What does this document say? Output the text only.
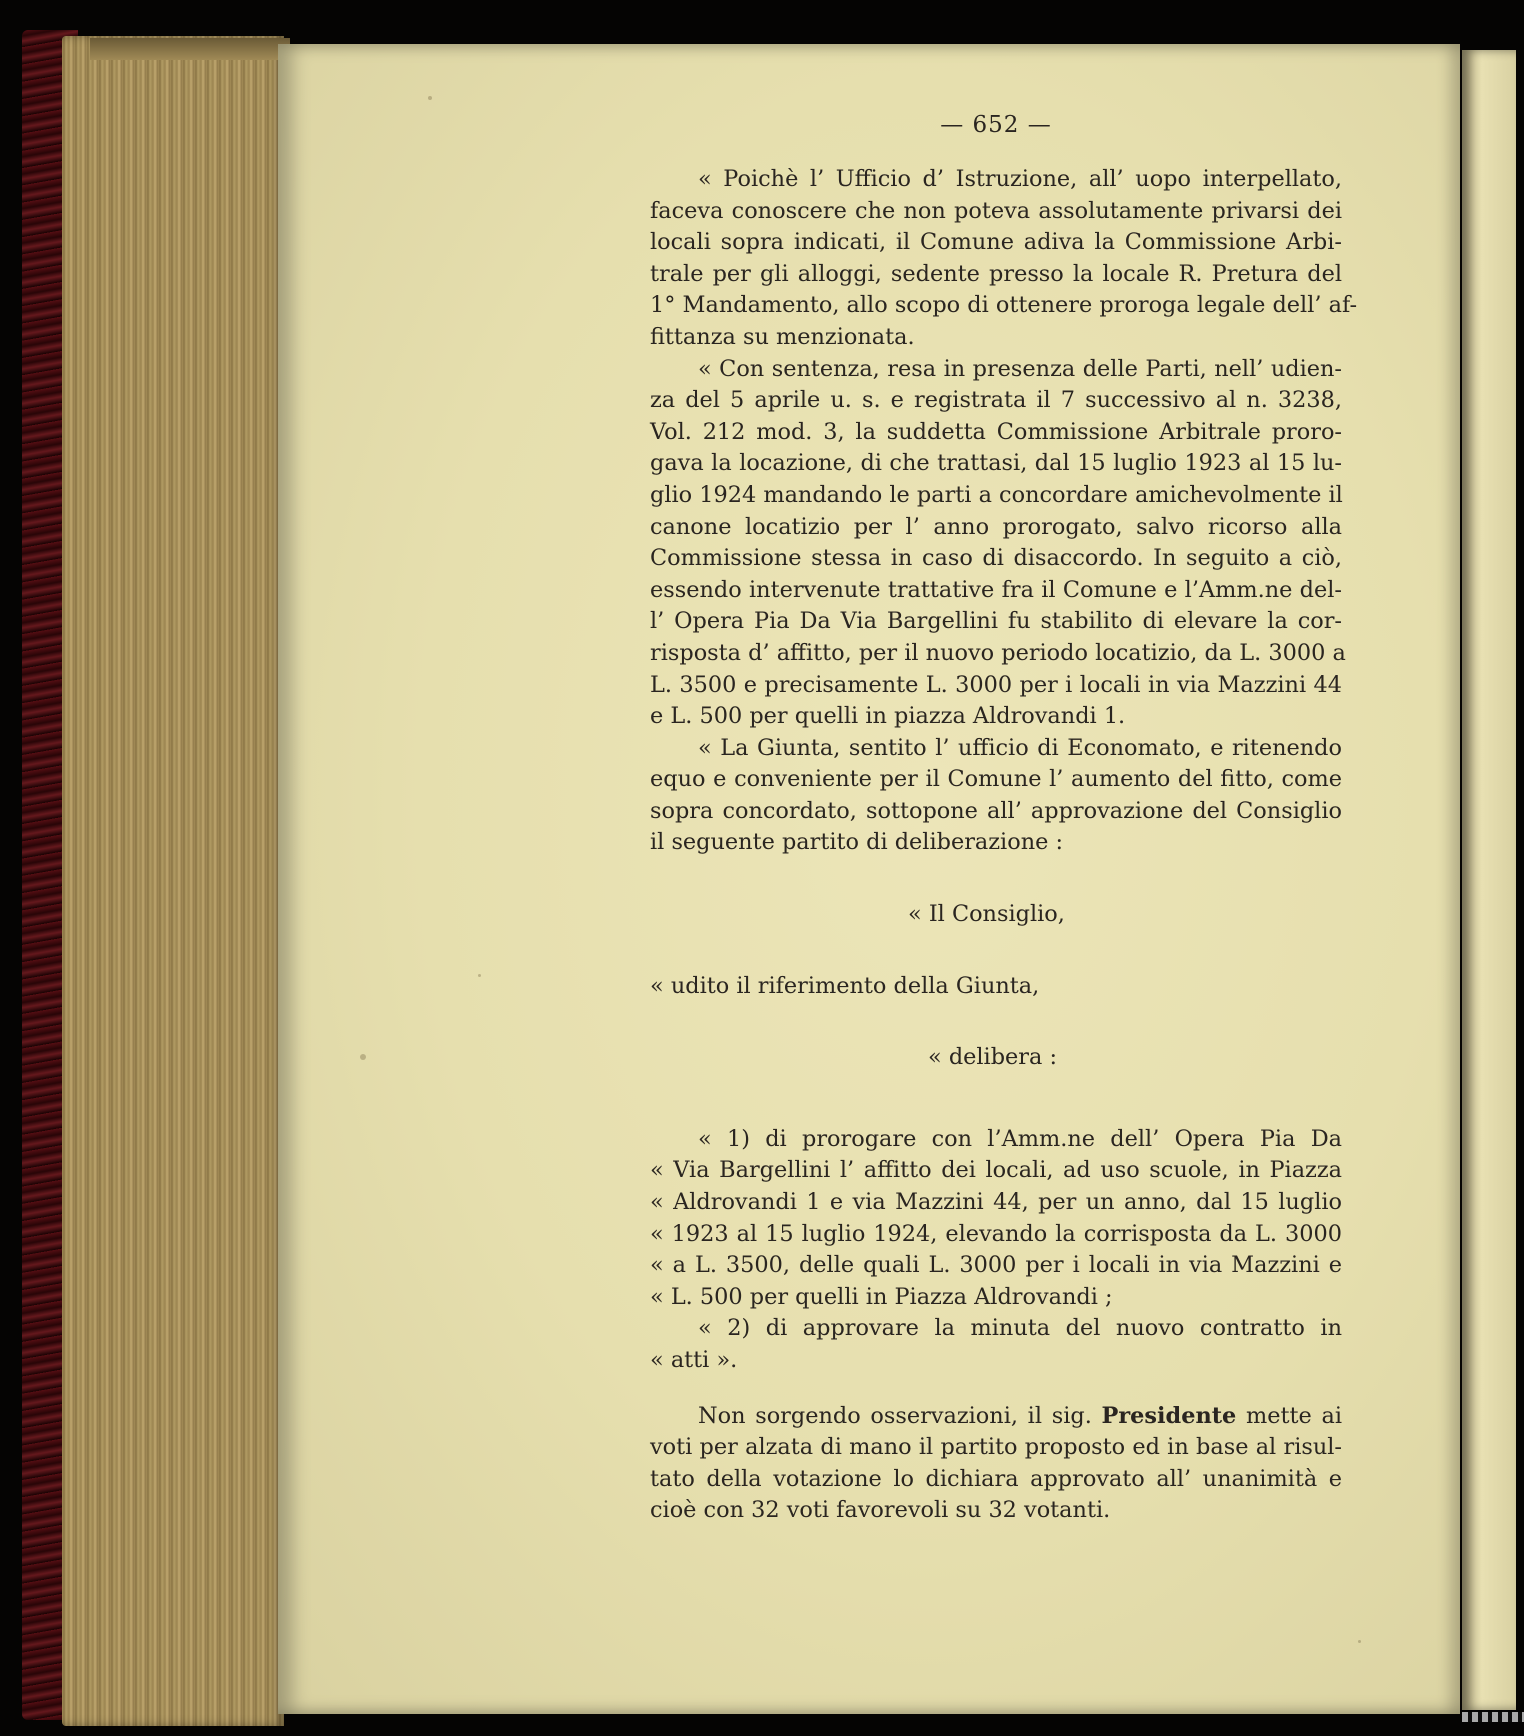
— 652 —
« Poichè l’ Ufficio d’ Istruzione, all’ uopo interpellato,
faceva conoscere che non poteva assolutamente privarsi dei
locali sopra indicati, il Comune adiva la Commissione Arbi-
trale per gli alloggi, sedente presso la locale R. Pretura del
1° Mandamento, allo scopo di ottenere proroga legale dell’ af-
fittanza su menzionata.
« Con sentenza, resa in presenza delle Parti, nell’ udien-
za del 5 aprile u. s. e registrata il 7 successivo al n. 3238,
Vol. 212 mod. 3, la suddetta Commissione Arbitrale proro-
gava la locazione, di che trattasi, dal 15 luglio 1923 al 15 lu-
glio 1924 mandando le parti a concordare amichevolmente il
canone locatizio per l’ anno prorogato, salvo ricorso alla
Commissione stessa in caso di disaccordo. In seguito a ciò,
essendo intervenute trattative fra il Comune e l’Amm.ne del-
l’ Opera Pia Da Via Bargellini fu stabilito di elevare la cor-
risposta d’ affitto, per il nuovo periodo locatizio, da L. 3000 a
L. 3500 e precisamente L. 3000 per i locali in via Mazzini 44
e L. 500 per quelli in piazza Aldrovandi 1.
« La Giunta, sentito l’ ufficio di Economato, e ritenendo
equo e conveniente per il Comune l’ aumento del fitto, come
sopra concordato, sottopone all’ approvazione del Consiglio
il seguente partito di deliberazione :
« Il Consiglio,
« udito il riferimento della Giunta,
« delibera :
« 1) di prorogare con l’Amm.ne dell’ Opera Pia Da
« Via Bargellini l’ affitto dei locali, ad uso scuole, in Piazza
« Aldrovandi 1 e via Mazzini 44, per un anno, dal 15 luglio
« 1923 al 15 luglio 1924, elevando la corrisposta da L. 3000
« a L. 3500, delle quali L. 3000 per i locali in via Mazzini e
« L. 500 per quelli in Piazza Aldrovandi ;
« 2) di approvare la minuta del nuovo contratto in
« atti ».
Non sorgendo osservazioni, il sig. Presidente mette ai
voti per alzata di mano il partito proposto ed in base al risul-
tato della votazione lo dichiara approvato all’ unanimità e
cioè con 32 voti favorevoli su 32 votanti.
